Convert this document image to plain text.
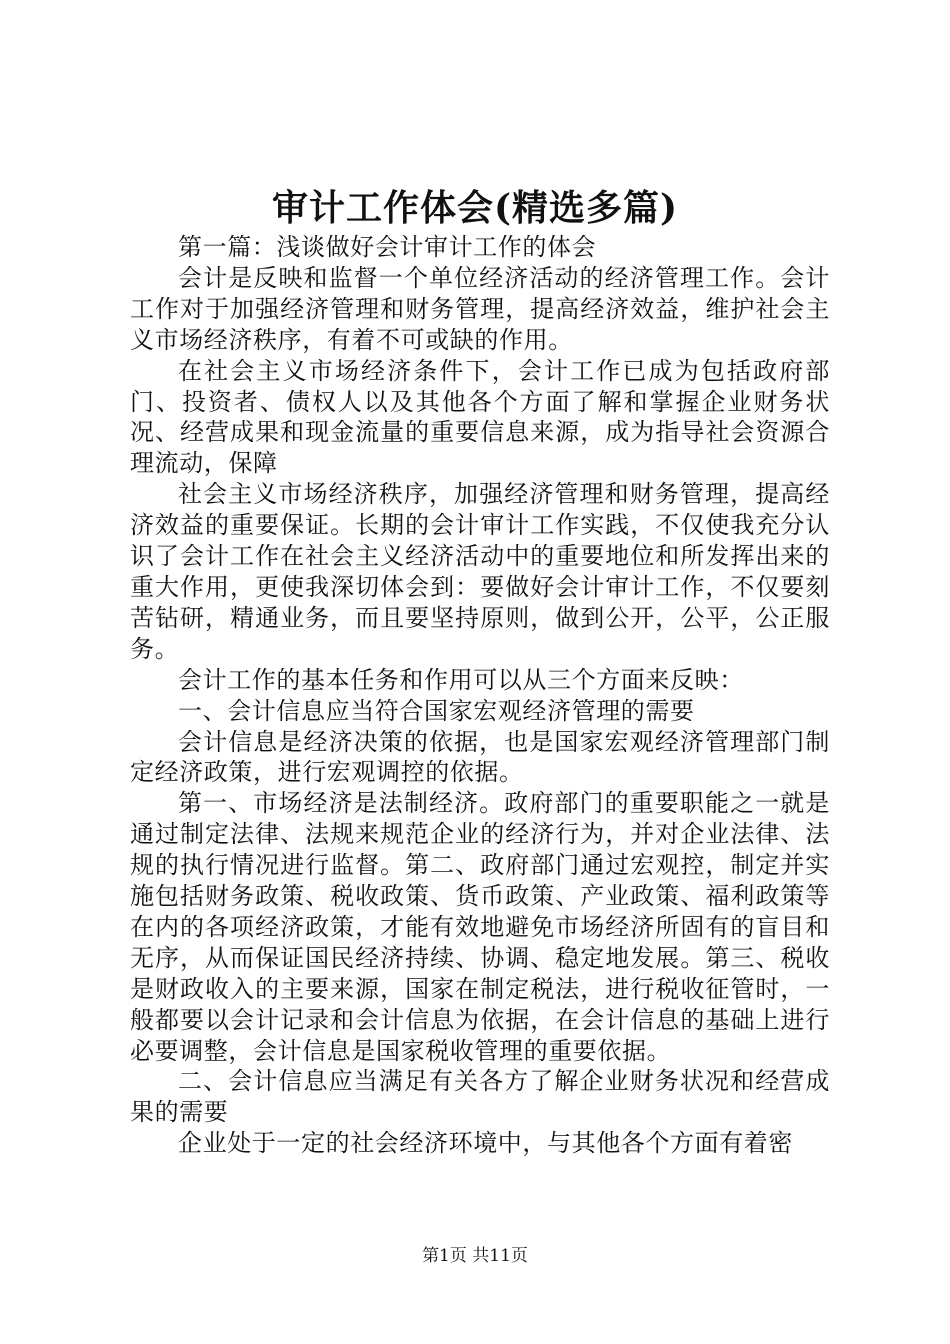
审计工作体会(精选多篇)

第一篇：浅谈做好会计审计工作的体会

会计是反映和监督一个单位经济活动的经济管理工作。会计工作对于加强经济管理和财务管理，提高经济效益，维护社会主义市场经济秩序，有着不可或缺的作用。

在社会主义市场经济条件下，会计工作已成为包括政府部门、投资者、债权人以及其他各个方面了解和掌握企业财务状况、经营成果和现金流量的重要信息来源，成为指导社会资源合理流动，保障

社会主义市场经济秩序，加强经济管理和财务管理，提高经济效益的重要保证。长期的会计审计工作实践，不仅使我充分认识了会计工作在社会主义经济活动中的重要地位和所发挥出来的重大作用，更使我深切体会到：要做好会计审计工作，不仅要刻苦钻研，精通业务，而且要坚持原则，做到公开，公平，公正服务。

会计工作的基本任务和作用可以从三个方面来反映：

一、会计信息应当符合国家宏观经济管理的需要

会计信息是经济决策的依据，也是国家宏观经济管理部门制定经济政策，进行宏观调控的依据。

第一、市场经济是法制经济。政府部门的重要职能之一就是通过制定法律、法规来规范企业的经济行为，并对企业法律、法规的执行情况进行监督。第二、政府部门通过宏观控，制定并实施包括财务政策、税收政策、货币政策、产业政策、福利政策等在内的各项经济政策，才能有效地避免市场经济所固有的盲目和无序，从而保证国民经济持续、协调、稳定地发展。第三、税收是财政收入的主要来源，国家在制定税法，进行税收征管时，一般都要以会计记录和会计信息为依据，在会计信息的基础上进行必要调整，会计信息是国家税收管理的重要依据。

二、会计信息应当满足有关各方了解企业财务状况和经营成果的需要

企业处于一定的社会经济环境中，与其他各个方面有着密

第1页 共11页
